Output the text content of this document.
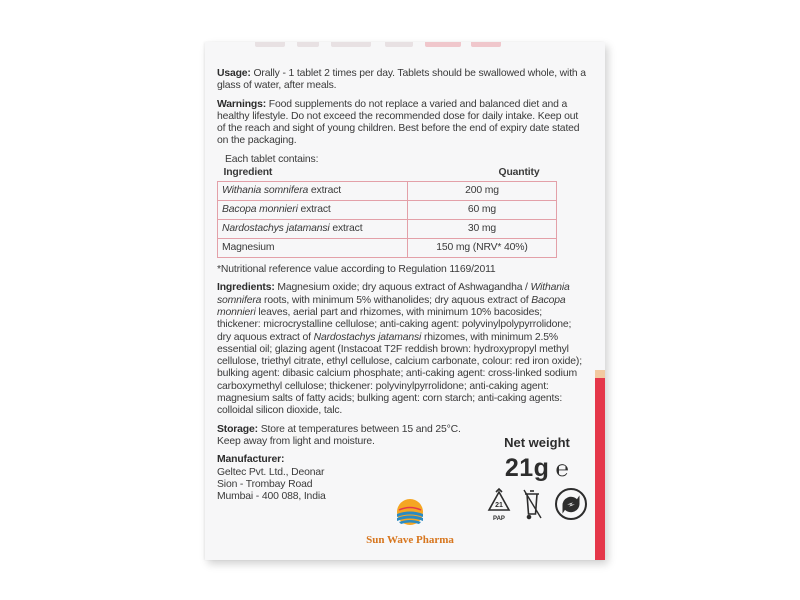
Usage: Orally - 1 tablet 2 times per day. Tablets should be swallowed whole, with a glass of water, after meals.

Warnings: Food supplements do not replace a varied and balanced diet and a healthy lifestyle. Do not exceed the recommended dose for daily intake. Keep out of the reach and sight of young children. Best before the end of expiry date stated on the packaging.

Each tablet contains:

Ingredient	Quantity
Withania somnifera extract	200 mg
Bacopa monnieri extract	60 mg
Nardostachys jatamansi extract	30 mg
Magnesium	150 mg (NRV* 40%)

*Nutritional reference value according to Regulation 1169/2011

Ingredients: Magnesium oxide; dry aquous extract of Ashwagandha / Withania somnifera roots, with minimum 5% withanolides; dry aquous extract of Bacopa monnieri leaves, aerial part and rhizomes, with minimum 10% bacosides; thickener: microcrystalline cellulose; anti-caking agent: polyvinylpolypyrrolidone; dry aquous extract of Nardostachys jatamansi rhizomes, with minimum 2.5% essential oil; glazing agent (Instacoat T2F reddish brown: hydroxypropyl methyl cellulose, triethyl citrate, ethyl cellulose, calcium carbonate, colour: red iron oxide); bulking agent: dibasic calcium phosphate; anti-caking agent: cross-linked sodium carboxymethyl cellulose; thickener: polyvinylpyrrolidone; anti-caking agent: magnesium salts of fatty acids; bulking agent: corn starch; anti-caking agents: colloidal silicon dioxide, talc.

Storage: Store at temperatures between 15 and 25°C. Keep away from light and moisture.

Manufacturer:
Geltec Pvt. Ltd., Deonar
Sion - Trombay Road
Mumbai - 400 088, India
Net weight
21g ℮
21
PAP
Sun Wave Pharma
